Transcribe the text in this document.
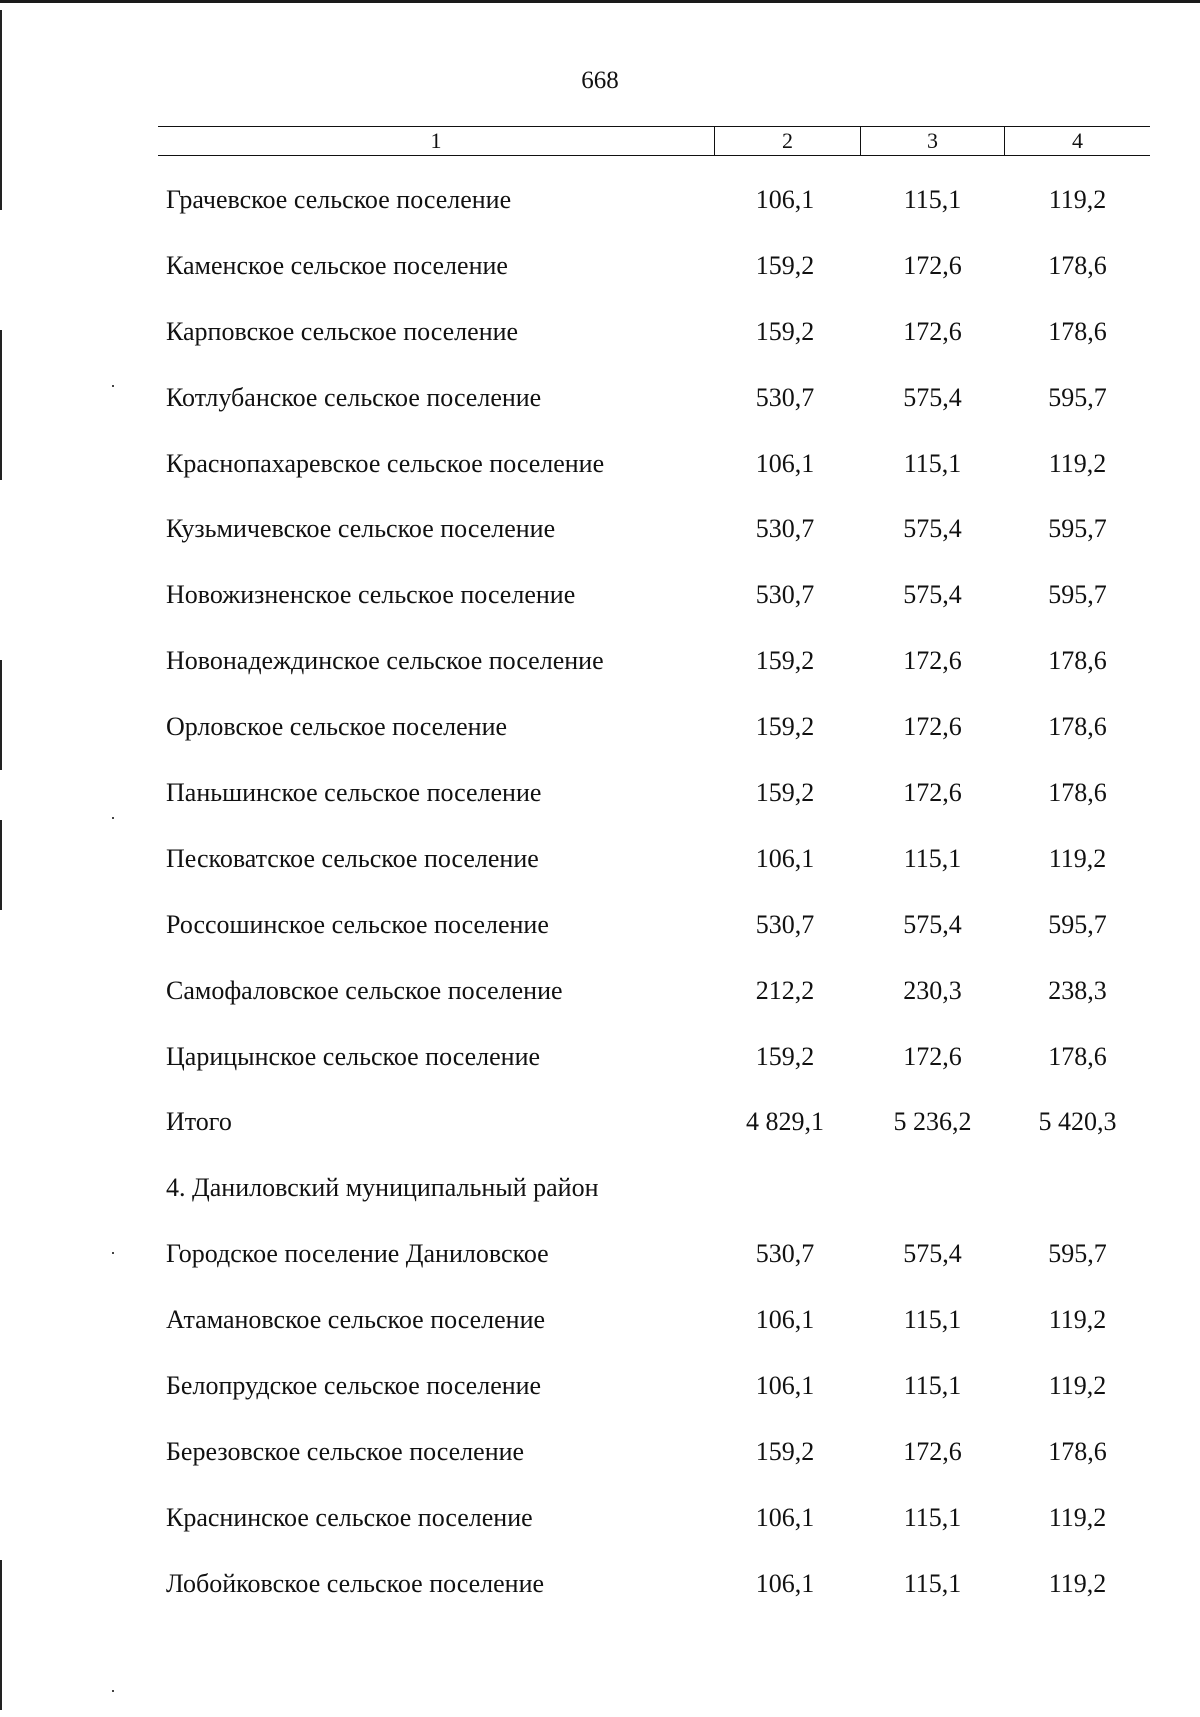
668
1	2	3	4
Грачевское сельское поселение	106,1	115,1	119,2
Каменское сельское поселение	159,2	172,6	178,6
Карповское сельское поселение	159,2	172,6	178,6
Котлубанское сельское поселение	530,7	575,4	595,7
Краснопахаревское сельское поселение	106,1	115,1	119,2
Кузьмичевское сельское поселение	530,7	575,4	595,7
Новожизненское сельское поселение	530,7	575,4	595,7
Новонадеждинское сельское поселение	159,2	172,6	178,6
Орловское сельское поселение	159,2	172,6	178,6
Паньшинское сельское поселение	159,2	172,6	178,6
Песковатское сельское поселение	106,1	115,1	119,2
Россошинское сельское поселение	530,7	575,4	595,7
Самофаловское сельское поселение	212,2	230,3	238,3
Царицынское сельское поселение	159,2	172,6	178,6
Итого	4 829,1	5 236,2	5 420,3
4. Даниловский муниципальный район
Городское поселение Даниловское	530,7	575,4	595,7
Атамановское сельское поселение	106,1	115,1	119,2
Белопрудское сельское поселение	106,1	115,1	119,2
Березовское сельское поселение	159,2	172,6	178,6
Краснинское сельское поселение	106,1	115,1	119,2
Лобойковское сельское поселение	106,1	115,1	119,2
